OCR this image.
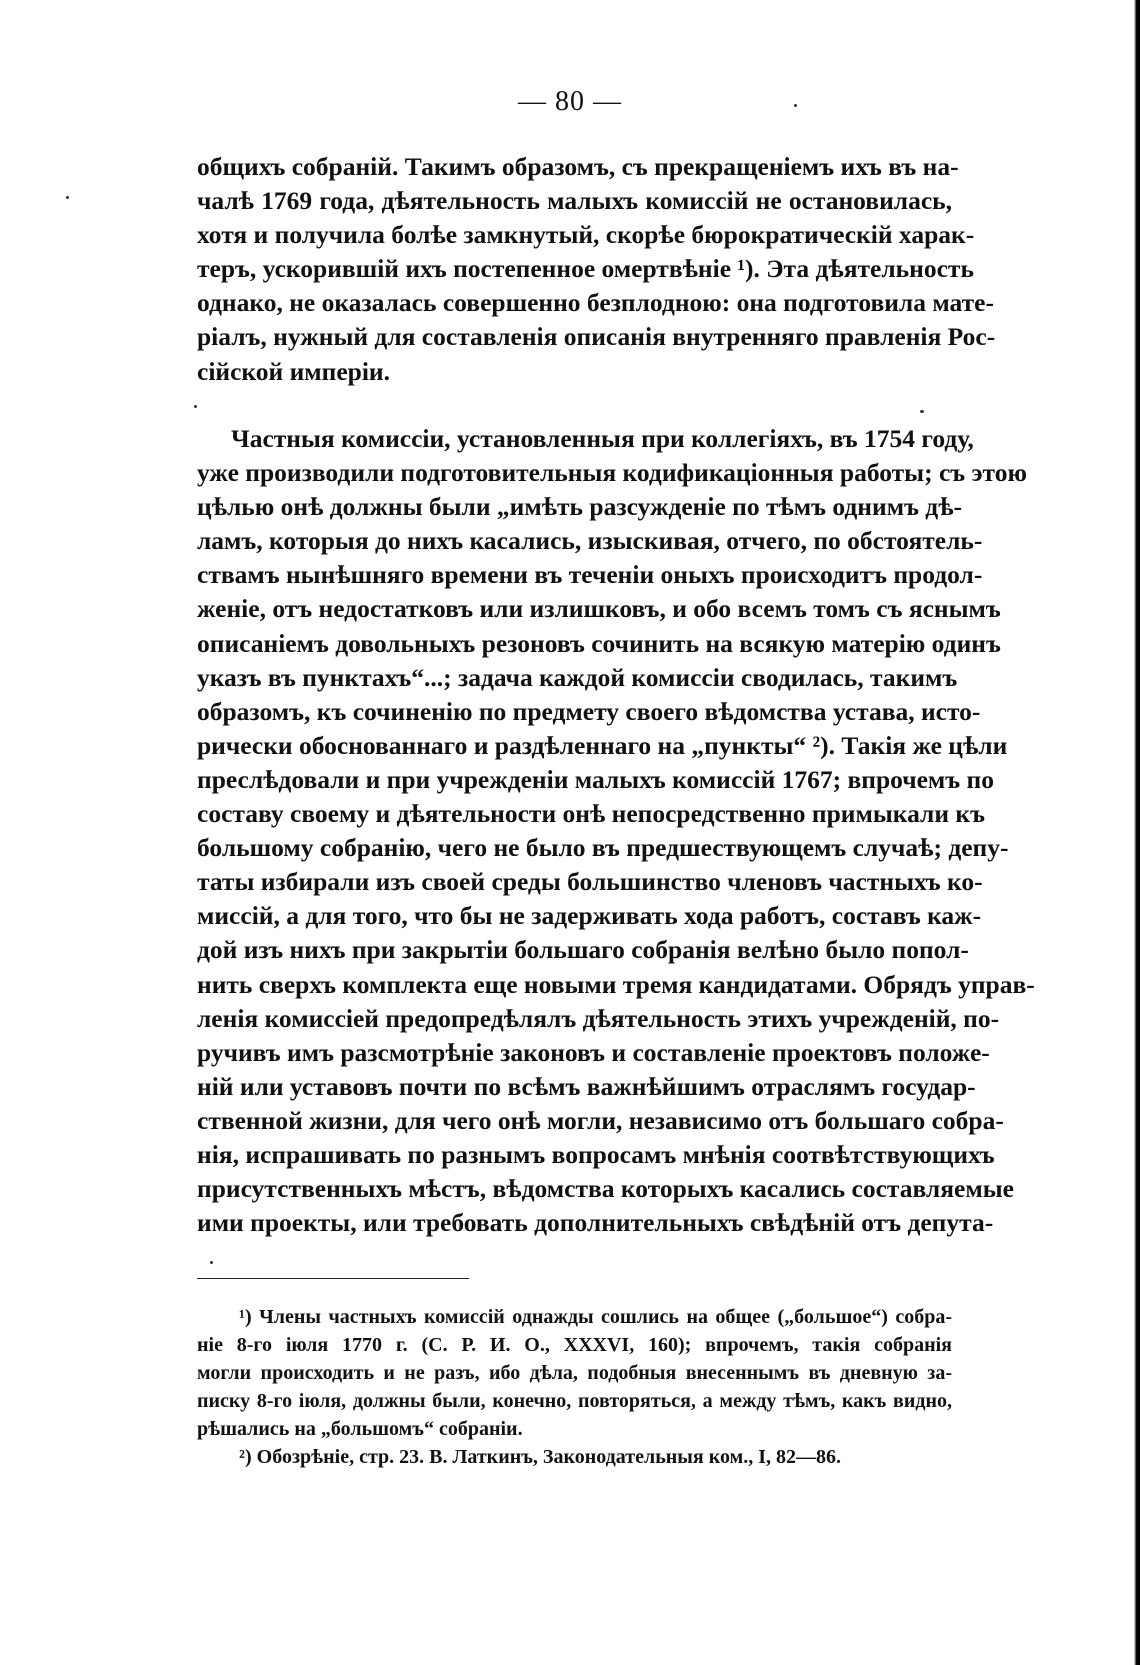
— 80 —
общихъ собраній. Такимъ образомъ, съ прекращеніемъ ихъ въ на-
чалѣ 1769 года, дѣятельность малыхъ комиссій не остановилась,
хотя и получила болѣе замкнутый, скорѣе бюрократическій харак-
теръ, ускорившій ихъ постепенное омертвѣніе ¹). Эта дѣятельность
однако, не оказалась совершенно безплодною: она подготовила мате-
ріалъ, нужный для составленія описанія внутренняго правленія Рос-
сійской имперіи.
Частныя комиссіи, установленныя при коллегіяхъ, въ 1754 году,
уже производили подготовительныя кодификаціонныя работы; съ этою
цѣлью онѣ должны были „имѣть разсужденіе по тѣмъ однимъ дѣ-
ламъ, которыя до нихъ касались, изыскивая, отчего, по обстоятель-
ствамъ нынѣшняго времени въ теченіи оныхъ происходитъ продол-
женіе, отъ недостатковъ или излишковъ, и обо всемъ томъ съ яснымъ
описаніемъ довольныхъ резоновъ сочинить на всякую матерію одинъ
указъ въ пунктахъ“...; задача каждой комиссіи сводилась, такимъ
образомъ, къ сочиненію по предмету своего вѣдомства устава, исто-
рически обоснованнаго и раздѣленнаго на „пункты“ ²). Такія же цѣли
преслѣдовали и при учрежденіи малыхъ комиссій 1767; впрочемъ по
составу своему и дѣятельности онѣ непосредственно примыкали къ
большому собранію, чего не было въ предшествующемъ случаѣ; депу-
таты избирали изъ своей среды большинство членовъ частныхъ ко-
миссій, а для того, что бы не задерживать хода работъ, составъ каж-
дой изъ нихъ при закрытіи большаго собранія велѣно было попол-
нить сверхъ комплекта еще новыми тремя кандидатами. Обрядъ управ-
ленія комиссіей предопредѣлялъ дѣятельность этихъ учрежденій, по-
ручивъ имъ разсмотрѣніе законовъ и составленіе проектовъ положе-
ній или уставовъ почти по всѣмъ важнѣйшимъ отраслямъ государ-
ственной жизни, для чего онѣ могли, независимо отъ большаго собра-
нія, испрашивать по разнымъ вопросамъ мнѣнія соотвѣтствующихъ
присутственныхъ мѣстъ, вѣдомства которыхъ касались составляемые
ими проекты, или требовать дополнительныхъ свѣдѣній отъ депута-
¹) Члены частныхъ комиссій однажды сошлись на общее („большое“) собра-
ніе 8-го іюля 1770 г. (С. Р. И. О., XXXVI, 160); впрочемъ, такія собранія
могли происходить и не разъ, ибо дѣла, подобныя внесеннымъ въ дневную за-
писку 8-го іюля, должны были, конечно, повторяться, а между тѣмъ, какъ видно,
рѣшались на „большомъ“ собраніи.
²) Обозрѣніе, стр. 23. В. Латкинъ, Законодательныя ком., I, 82—86.
